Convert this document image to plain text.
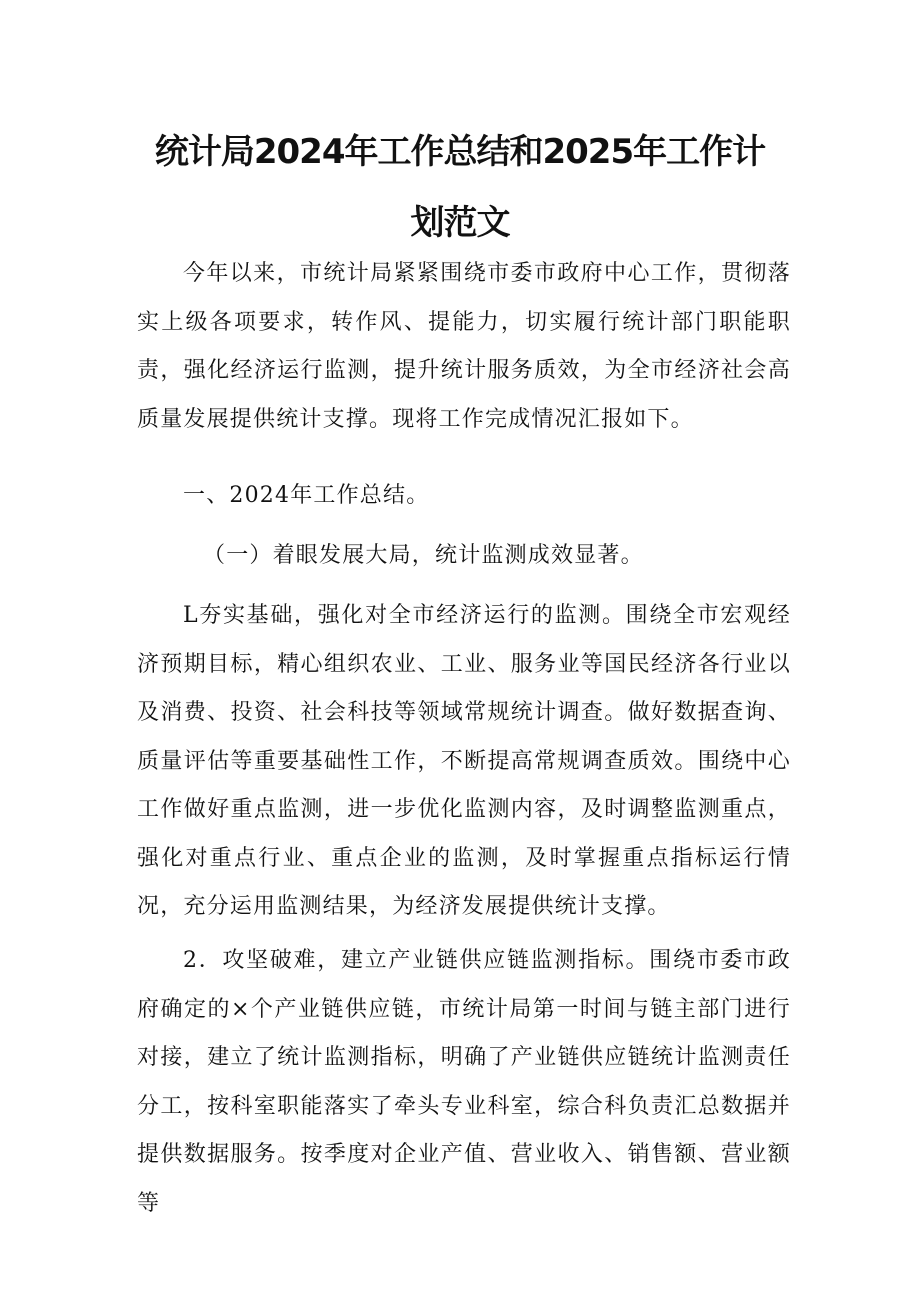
统计局2024年工作总结和2025年工作计
划范文

今年以来，市统计局紧紧围绕市委市政府中心工作，贯彻落实上级各项要求，转作风、提能力，切实履行统计部门职能职责，强化经济运行监测，提升统计服务质效，为全市经济社会高质量发展提供统计支撑。现将工作完成情况汇报如下。

一、2024年工作总结。

（一）着眼发展大局，统计监测成效显著。

L夯实基础，强化对全市经济运行的监测。围绕全市宏观经济预期目标，精心组织农业、工业、服务业等国民经济各行业以及消费、投资、社会科技等领域常规统计调查。做好数据查询、质量评估等重要基础性工作，不断提高常规调查质效。围绕中心工作做好重点监测，进一步优化监测内容，及时调整监测重点，强化对重点行业、重点企业的监测，及时掌握重点指标运行情况，充分运用监测结果，为经济发展提供统计支撑。

2．攻坚破难，建立产业链供应链监测指标。围绕市委市政府确定的×个产业链供应链，市统计局第一时间与链主部门进行对接，建立了统计监测指标，明确了产业链供应链统计监测责任分工，按科室职能落实了牵头专业科室，综合科负责汇总数据并提供数据服务。按季度对企业产值、营业收入、销售额、营业额等
